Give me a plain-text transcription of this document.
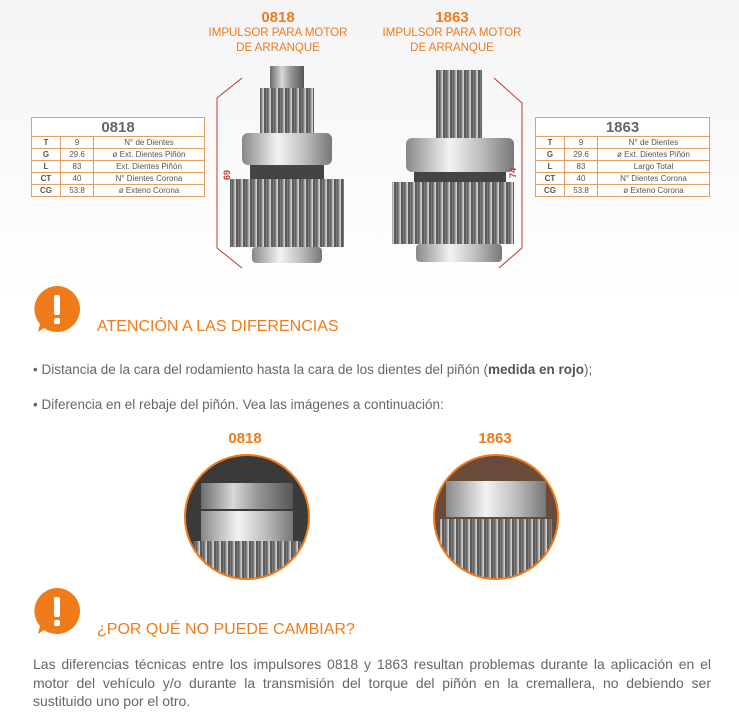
0818
IMPULSOR PARA MOTOR
DE ARRANQUE
1863
IMPULSOR PARA MOTOR
DE ARRANQUE
0818		
T	9	N° de Dientes
G	29.6	ø Ext. Dientes Piñón
L	83	Ext. Dientes Piñón
CT	40	N° Dientes Corona
CG	53.8	ø Exteno Corona
1863		
T	9	N° de Dientes
G	29.6	ø Ext. Dientes Piñón
L	83	Largo Total
CT	40	N° Dientes Corona
CG	53.8	ø Exteno Corona
69	74
ATENCIÓN A LAS DIFERENCIAS
• Distancia de la cara del rodamiento hasta la cara de los dientes del piñón (medida en rojo);
• Diferencia en el rebaje del piñón. Vea las imágenes a continuación:
0818	1863
¿POR QUÉ NO PUEDE CAMBIAR?
Las diferencias técnicas entre los impulsores 0818 y 1863 resultan problemas durante la aplicación en el motor del vehículo y/o durante la transmisión del torque del piñón en la cremallera, no debiendo ser sustituido uno por el otro.
